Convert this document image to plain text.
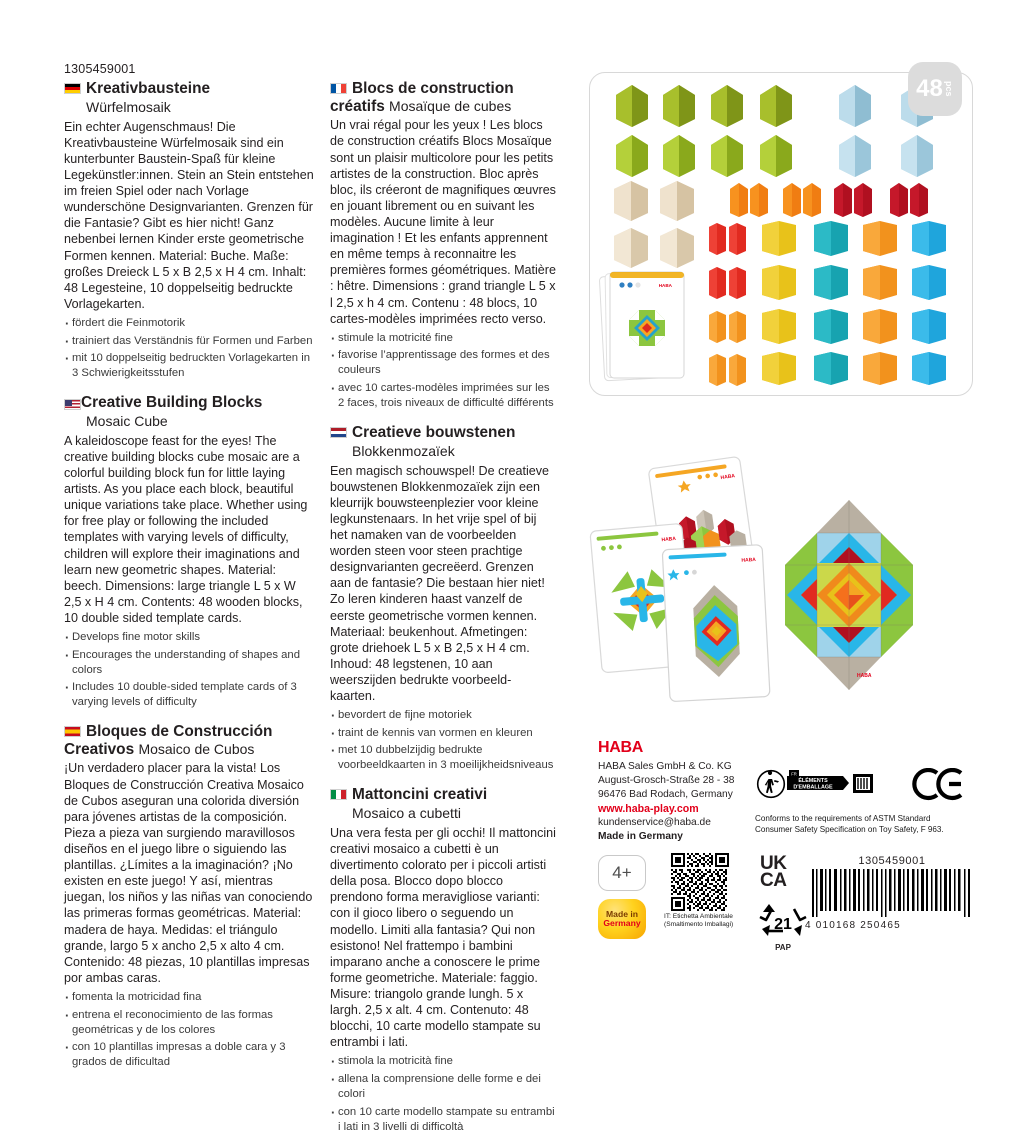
1305459001
Kreativbausteine
Würfelmosaik

Ein echter Augenschmaus! Die Kreativbausteine Würfelmosaik sind ein kunterbunter Baustein-Spaß für kleine Legekünstler:innen. Stein an Stein entstehen im freien Spiel oder nach Vorlage wunderschöne Designvarianten. Grenzen für die Fantasie? Gibt es hier nicht! Ganz nebenbei lernen Kinder erste geometrische Formen kennen. Material: Buche. Maße: großes Dreieck L 5 x B 2,5 x H 4 cm. Inhalt: 48 Legesteine, 10 doppelseitig bedruckte Vorlagekarten.

· fördert die Feinmotorik
· trainiert das Verständnis für Formen und Farben
· mit 10 doppelseitig bedruckten Vorlagekarten in 3 Schwierigkeitsstufen
Creative Building Blocks
Mosaic Cube

A kaleidoscope feast for the eyes! The creative building blocks cube mosaic are a colorful building block fun for little laying artists. As you place each block, beautiful unique variations take place. Whether using for free play or following the included templates with varying levels of difficulty, children will explore their imaginations and learn new geometric shapes. Material: beech. Dimensions: large triangle L 5 x W 2,5 x H 4 cm. Contents: 48 wooden blocks, 10 double sided template cards.

· Develops fine motor skills
· Encourages the understanding of shapes and colors
· Includes 10 double-sided template cards of 3 varying levels of difficulty
Bloques de Construcción Creativos Mosaico de Cubos

¡Un verdadero placer para la vista! Los Bloques de Construcción Creativa Mosaico de Cubos aseguran una colorida diversión para jóvenes artistas de la composición. Pieza a pieza van surgiendo maravillosos diseños en el juego libre o siguiendo las plantillas. ¿Límites a la imaginación? ¡No existen en este juego! Y así, mientras juegan, los niños y las niñas van conociendo las primeras formas geométricas. Material: madera de haya. Medidas: el triángulo grande, largo 5 x ancho 2,5 x alto 4 cm. Contenido: 48 piezas, 10 plantillas impresas por ambas caras.

· fomenta la motricidad fina
· entrena el reconocimiento de las formas geométricas y de los colores
· con 10 plantillas impresas a doble cara y 3 grados de dificultad
Blocs de construction créatifs Mosaïque de cubes

Un vrai régal pour les yeux ! Les blocs de construction créatifs Blocs Mosaïque sont un plaisir multicolore pour les petits artistes de la construction. Bloc après bloc, ils créeront de magnifiques œuvres en jouant librement ou en suivant les modèles. Aucune limite à leur imagination ! Et les enfants apprennent en même temps à reconnaitre les premières formes géométriques. Matière : hêtre. Dimensions : grand triangle L 5 x l 2,5 x h 4 cm. Contenu : 48 blocs, 10 cartes-modèles imprimées recto verso.

· stimule la motricité fine
· favorise l’apprentissage des formes et des couleurs
· avec 10 cartes-modèles imprimées sur les 2 faces, trois niveaux de difficulté différents
Creatieve bouwstenen
Blokkenmozaïek

Een magisch schouwspel! De creatieve bouwstenen Blokkenmozaïek zijn een kleurrijk bouwsteenplezier voor kleine legkunstenaars. In het vrije spel of bij het namaken van de voorbeelden worden steen voor steen prachtige designvarianten gecreëerd. Grenzen aan de fantasie? Die bestaan hier niet! Zo leren kinderen haast vanzelf de eerste geometrische vormen kennen. Materiaal: beukenhout. Afmetingen: grote driehoek L 5 x B 2,5 x H 4 cm. Inhoud: 48 legstenen, 10 aan weerszijden bedrukte voorbeeld-kaarten.

· bevordert de fijne motoriek
· traint de kennis van vormen en kleuren
· met 10 dubbelzijdig bedrukte voorbeeldkaarten in 3 moeilijkheidsniveaus
Mattoncini creativi
Mosaico a cubetti

Una vera festa per gli occhi! Il mattoncini creativi mosaico a cubetti è un divertimento colorato per i piccoli artisti della posa. Blocco dopo blocco prendono forma meravigliose varianti: con il gioco libero o seguendo un modello. Limiti alla fantasia? Qui non esistono! Nel frattempo i bambini imparano anche a conoscere le prime forme geometriche. Materiale: faggio. Misure: triangolo grande lungh. 5 x largh. 2,5 x alt. 4 cm. Contenuto: 48 blocchi, 10 carte modello stampate su entrambi i lati.

· stimola la motricità fine
· allena la comprensione delle forme e dei colori
· con 10 carte modello stampate su entrambi i lati in 3 livelli di difficoltà
48 pcs
HABA
HABA
HABA
HABA
HABA
HABA
HABA Sales GmbH & Co. KG
August-Grosch-Straße 28 - 38
96476 Bad Rodach, Germany
www.haba-play.com
kundenservice@haba.de
Made in Germany
FR
ÉLÉMENTS
D'EMBALLAGE
Conforms to the requirements of ASTM Standard
Consumer Safety Specification on Toy Safety, F 963.
4+
Made in
Germany
IT: Etichetta Ambientale
(Smaltimento Imballagi)
UK
CA
21
PAP
1305459001
4 010168 250465
